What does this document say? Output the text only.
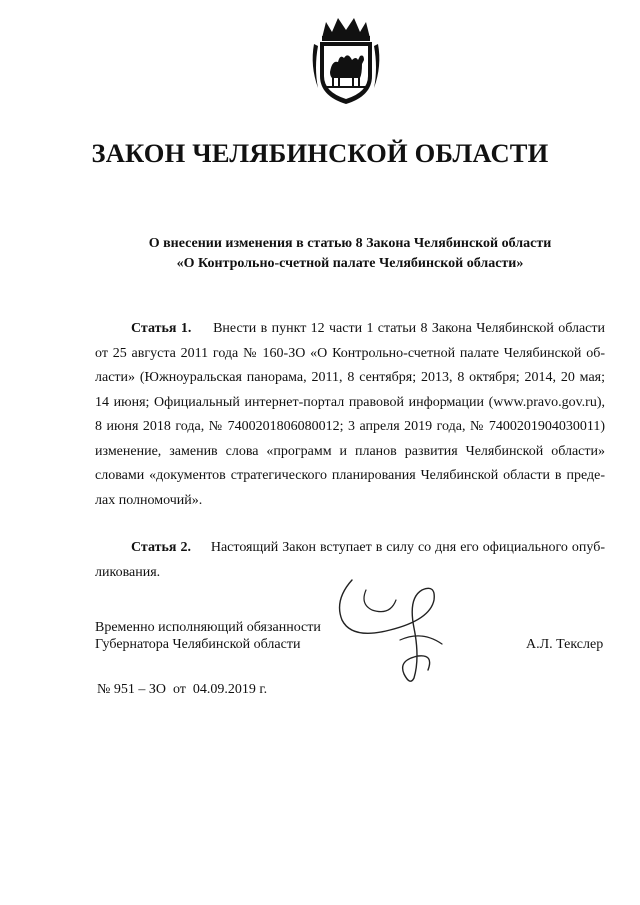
ЗАКОН ЧЕЛЯБИНСКОЙ ОБЛАСТИ
О внесении изменения в статью 8 Закона Челябинской области
«О Контрольно-счетной палате Челябинской области»

Статья 1. Внести в пункт 12 части 1 статьи 8 Закона Челябинской области от 25 августа 2011 года № 160-ЗО «О Контрольно-счетной палате Челябинской области» (Южноуральская панорама, 2011, 8 сентября; 2013, 8 октября; 2014, 20 мая; 14 июня; Официальный интернет-портал правовой информации (www.pravo.gov.ru), 8 июня 2018 года, № 7400201806080012; 3 апреля 2019 года, № 7400201904030011) изменение, заменив слова «программ и планов развития Челябинской области» словами «документов стратегического планирования Челябинской области в пределах полномочий».

Статья 2. Настоящий Закон вступает в силу со дня его официального опубликования.

Временно исполняющий обязанности
Губернатора Челябинской области	А.Л. Текслер
№ 951 – ЗО  от  04.09.2019 г.
